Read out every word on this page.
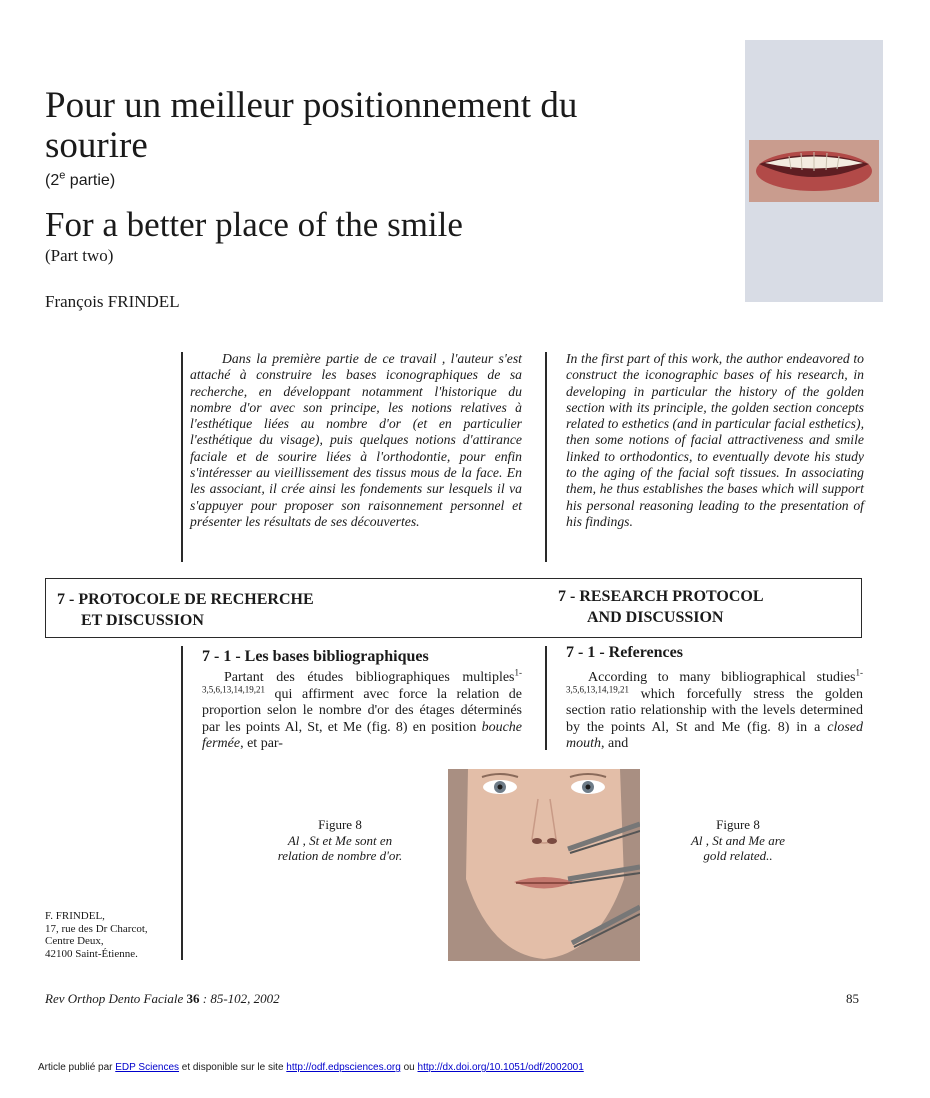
Pour un meilleur positionnement du sourire
(2e partie)
For a better place of the smile
(Part two)
François FRINDEL
Dans la première partie de ce travail , l'auteur s'est attaché à construire les bases iconographiques de sa recherche, en développant notamment l'historique du nombre d'or avec son principe, les notions relatives à l'esthétique liées au nombre d'or (et en particulier l'esthétique du visage), puis quelques notions d'attirance faciale et de sourire liées à l'orthodontie, pour enfin s'intéresser au vieillissement des tissus mous de la face. En les associant, il crée ainsi les fondements sur lesquels il va s'appuyer pour proposer son raisonnement personnel et présenter les résultats de ses découvertes.
In the first part of this work, the author endeavored to construct the iconographic bases of his research, in developing in particular the history of the golden section with its principle, the golden section concepts related to esthetics (and in particular facial esthetics), then some notions of facial attractiveness and smile linked to orthodontics, to eventually devote his study to the aging of the facial soft tissues. In associating them, he thus establishes the bases which will support his personal reasoning leading to the presentation of his findings.
7 - PROTOCOLE DE RECHERCHE
ET DISCUSSION
7 - RESEARCH PROTOCOL
AND DISCUSSION
7 - 1 - Les bases bibliographiques
Partant des études bibliographiques multiples$^{1-3,5,6,13,14,19,21}$ qui affirment avec force la relation de proportion selon le nombre d'or des étages déterminés par les points Al, St, et Me (fig. 8) en position bouche fermée, et par-
7 - 1 - References
According to many bibliographical studies$^{1-3,5,6,13,14,19,21}$ which forcefully stress the golden section ratio relationship with the levels determined by the points Al, St and Me (fig. 8) in a closed mouth, and
Figure 8
Al , St et Me sont en
relation de nombre d'or.
Figure 8
Al , St and Me are
gold related..
F. FRINDEL,
17, rue des Dr Charcot,
Centre Deux,
42100 Saint-Étienne.
Rev Orthop Dento Faciale 36 : 85-102, 2002	85
Article publié par EDP Sciences et disponible sur le site http://odf.edpsciences.org ou http://dx.doi.org/10.1051/odf/2002001
